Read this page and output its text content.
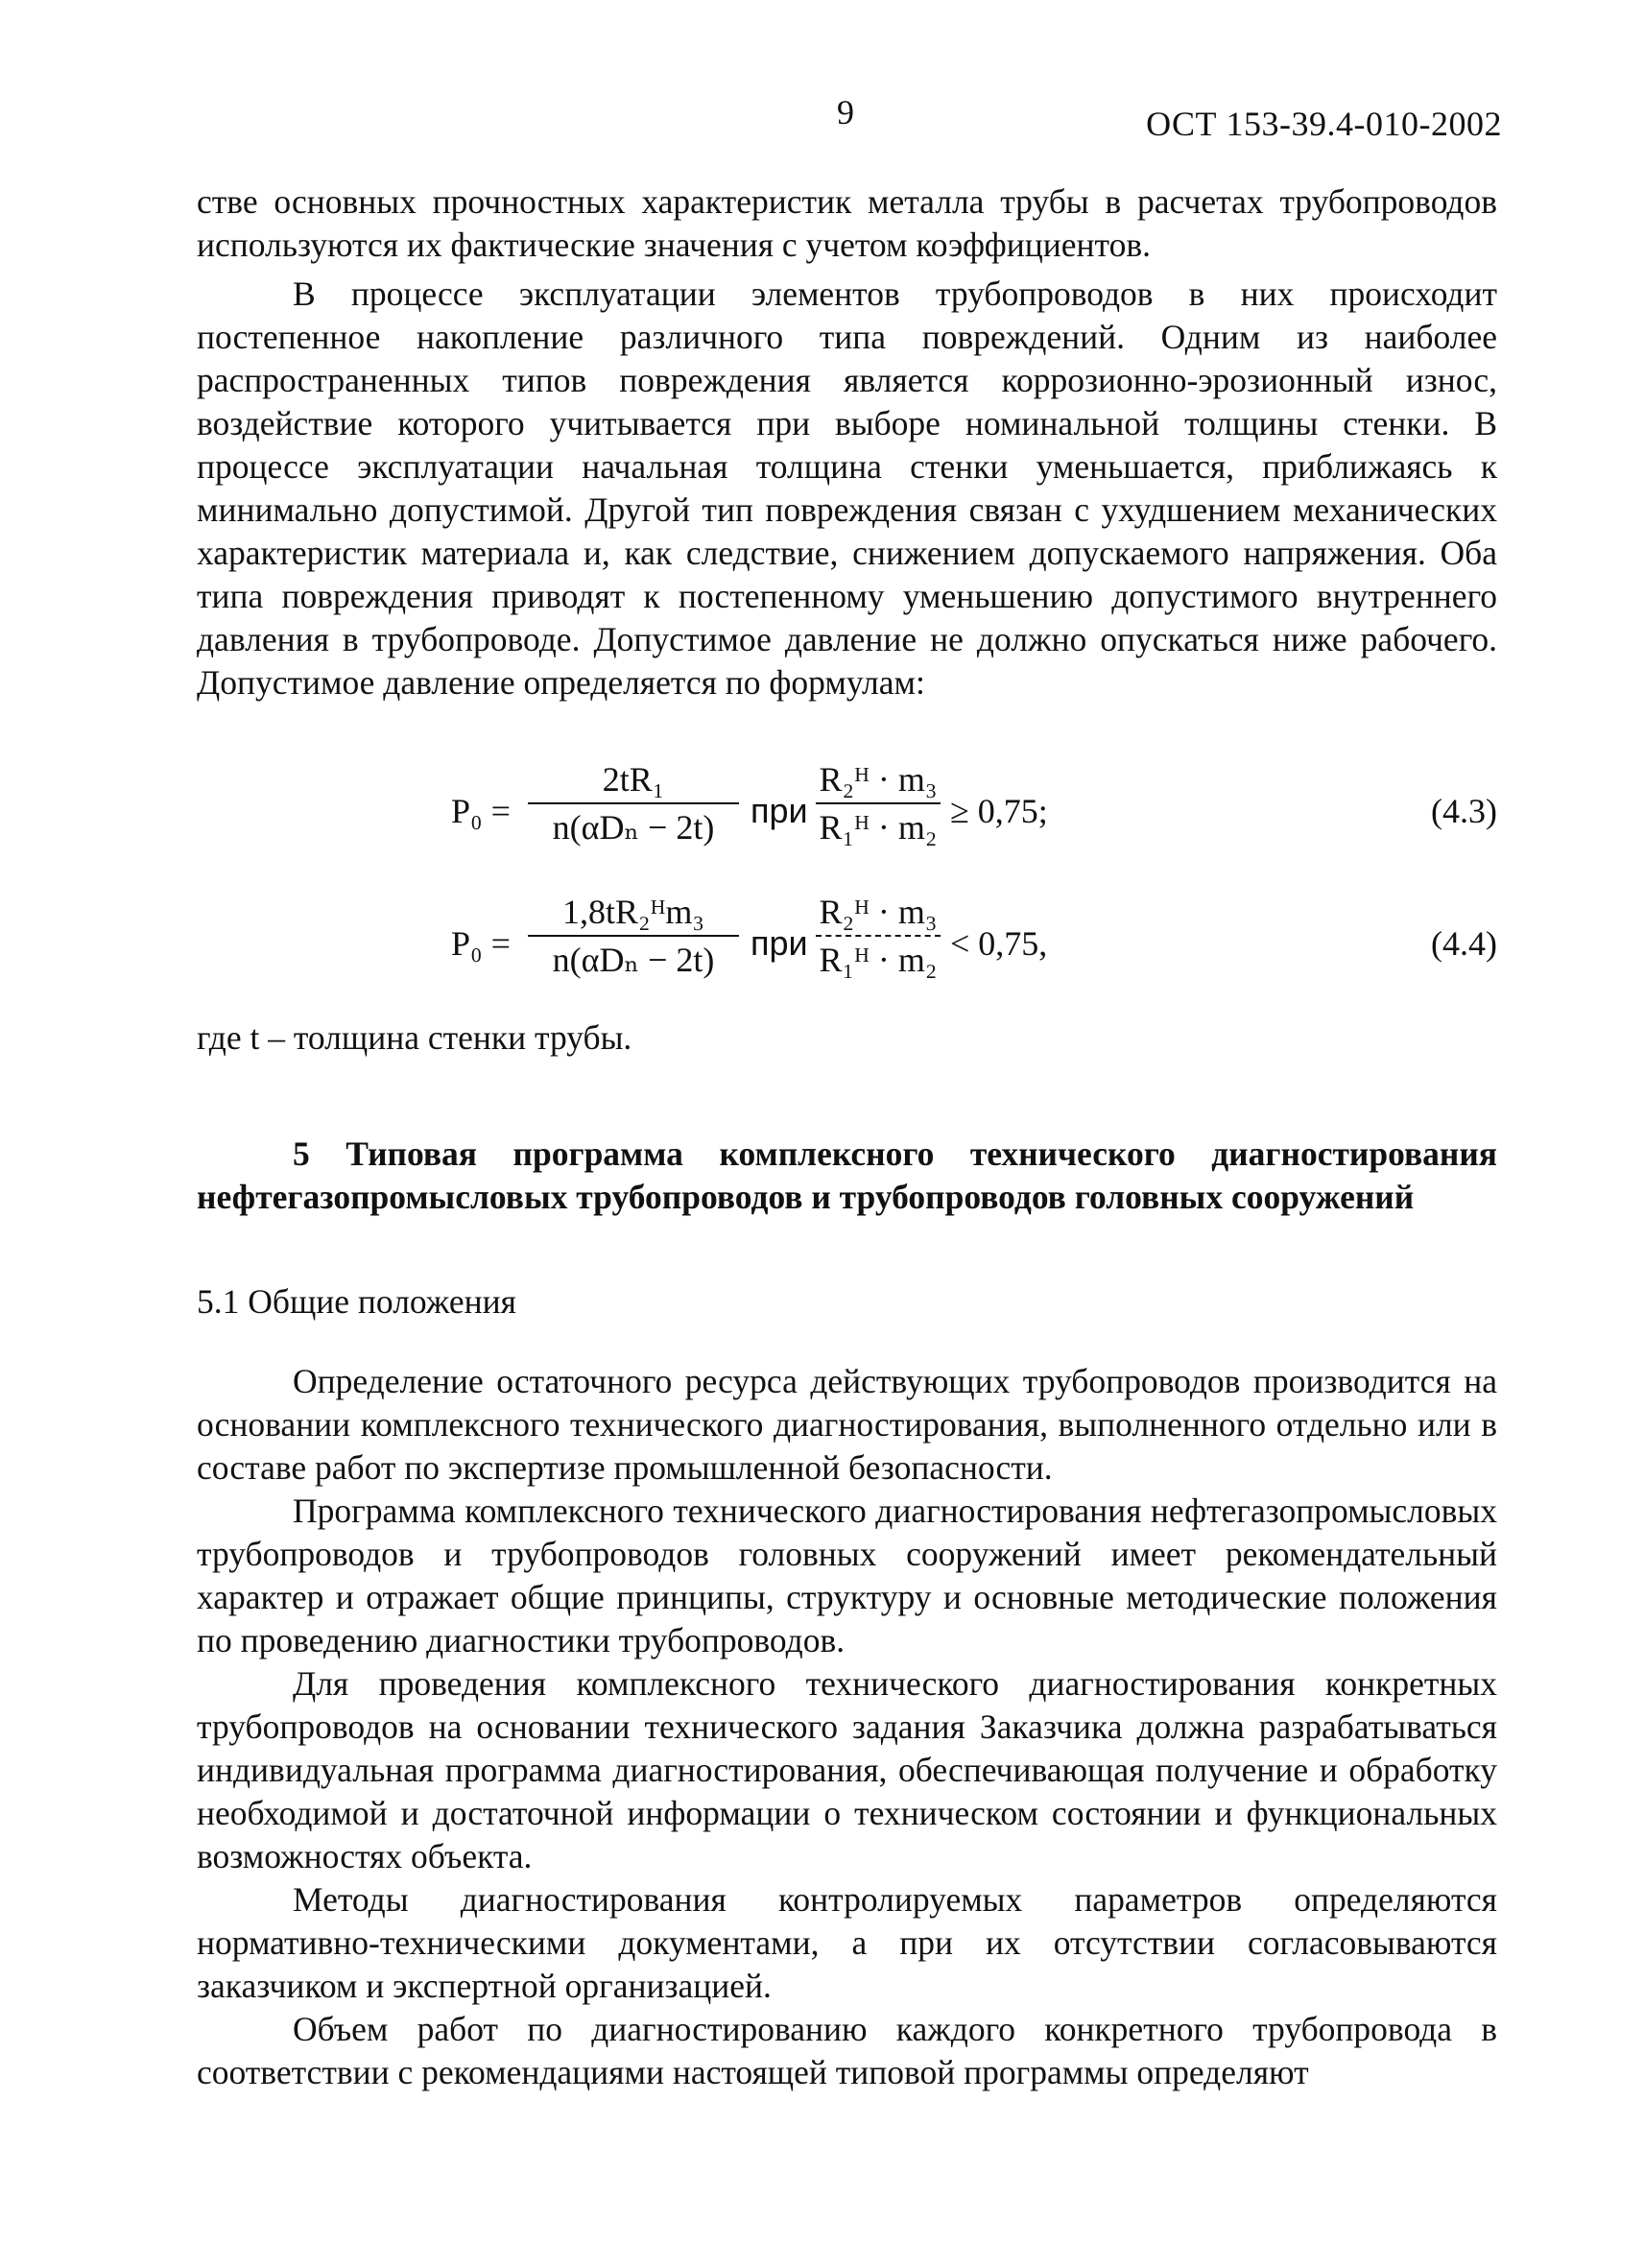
9	ОСТ 153-39.4-010-2002
стве основных прочностных характеристик металла трубы в расчетах трубопроводов используются их фактические значения с учетом коэффициентов.

В процессе эксплуатации элементов трубопроводов в них происходит постепенное накопление различного типа повреждений. Одним из наиболее распространенных типов повреждения является коррозионно-эрозионный износ, воздействие которого учитывается при выборе номинальной толщины стенки. В процессе эксплуатации начальная толщина стенки уменьшается, приближаясь к минимально допустимой. Другой тип повреждения связан с ухудшением механических характеристик материала и, как следствие, снижением допускаемого напряжения. Оба типа повреждения приводят к постепенному уменьшению допустимого внутреннего давления в трубопроводе. Допустимое давление не должно опускаться ниже рабочего. Допустимое давление определяется по формулам:

P₀ =
2tR₁
n(αDₙ − 2t)	при
R₂ᴴ · m₃
R₁ᴴ · m₂ ≥ 0,75;	(4.3)
P₀ =
1,8tR₂ᴴm₃
n(αDₙ − 2t)	при
R₂ᴴ · m₃
R₁ᴴ · m₂ < 0,75,	(4.4)
где t – толщина стенки трубы.
5 Типовая программа комплексного технического диагностирования нефтегазопромысловых трубопроводов и трубопроводов головных сооружений
5.1 Общие положения

Определение остаточного ресурса действующих трубопроводов производится на основании комплексного технического диагностирования, выполненного отдельно или в составе работ по экспертизе промышленной безопасности.

Программа комплексного технического диагностирования нефтегазопромысловых трубопроводов и трубопроводов головных сооружений имеет рекомендательный характер и отражает общие принципы, структуру и основные методические положения по проведению диагностики трубопроводов.

Для проведения комплексного технического диагностирования конкретных трубопроводов на основании технического задания Заказчика должна разрабатываться индивидуальная программа диагностирования, обеспечивающая получение и обработку необходимой и достаточной информации о техническом состоянии и функциональных возможностях объекта.

Методы диагностирования контролируемых параметров определяются нормативно-техническими документами, а при их отсутствии согласовываются заказчиком и экспертной организацией.

Объем работ по диагностированию каждого конкретного трубопровода в соответствии с рекомендациями настоящей типовой программы определяют
